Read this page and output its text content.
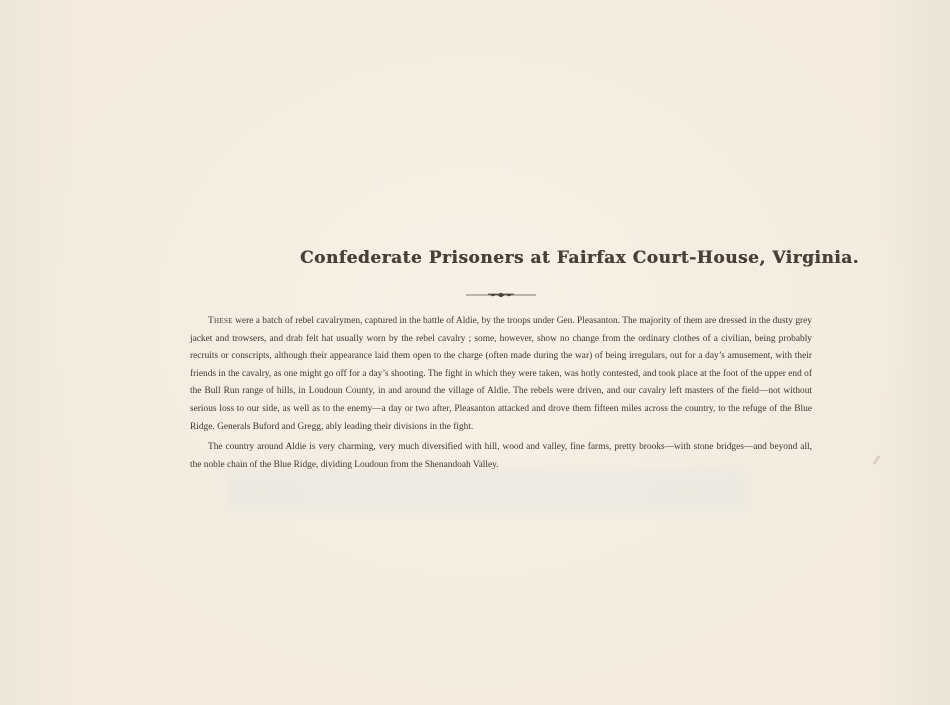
Confederate Prisoners at Fairfax Court-House, Virginia.

These were a batch of rebel cavalrymen, captured in the battle of Aldie, by the troops under Gen. Pleasanton. The majority of them are dressed in the dusty grey jacket and trowsers, and drab felt hat usually worn by the rebel cavalry ; some, however, show no change from the ordinary clothes of a civilian, being probably recruits or conscripts, although their appearance laid them open to the charge (often made during the war) of being irregulars, out for a day’s amusement, with their friends in the cavalry, as one might go off for a day’s shooting. The fight in which they were taken, was hotly contested, and took place at the foot of the upper end of the Bull Run range of hills, in Loudoun County, in and around the village of Aldie. The rebels were driven, and our cavalry left masters of the field—not without serious loss to our side, as well as to the enemy—a day or two after, Pleasanton attacked and drove them fifteen miles across the country, to the refuge of the Blue Ridge. Generals Buford and Gregg, ably leading their divisions in the fight.

The country around Aldie is very charming, very much diversified with hill, wood and valley, fine farms, pretty brooks—with stone bridges—and beyond all, the noble chain of the Blue Ridge, dividing Loudoun from the Shenandoah Valley.
